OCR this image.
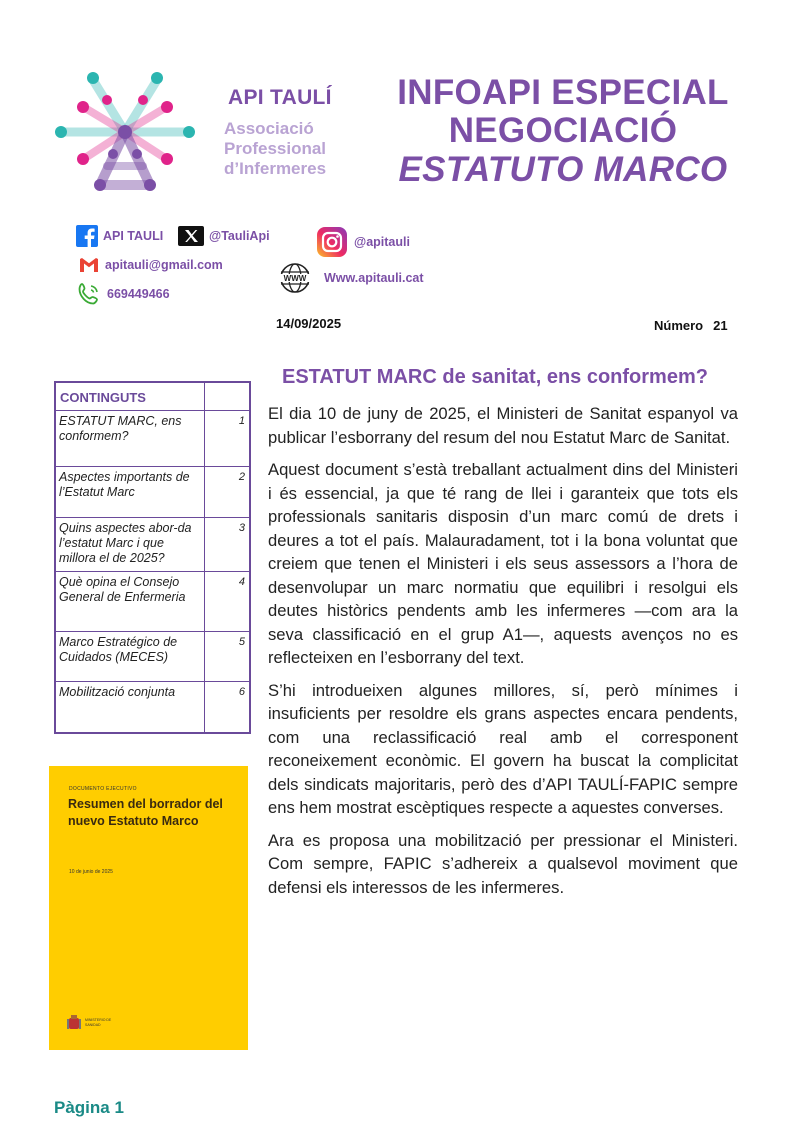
API TAULÍ
Associació
Professional
d’Infermeres
INFOAPI ESPECIAL
NEGOCIACIÓ
ESTATUTO MARCO
API TAULI	@TauliApi	@apitauli
apitauli@gmail.com
WWW Www.apitauli.cat
669449466
14/09/2025	Número 21
CONTINGUTS	
ESTATUT MARC, ens conformem?	1
Aspectes importants de l’Estatut Marc	2
Quins aspectes abor-da l’estatut Marc i que millora el de 2025?	3
Què opina el Consejo General de Enfermeria	4
Marco Estratégico de Cuidados (MECES)	5
Mobilització conjunta	6
DOCUMENTO EJECUTIVO
Resumen del borrador del nuevo Estatuto Marco
10 de junio de 2025
MINISTERIO DE SANIDAD
ESTATUT MARC de sanitat, ens conformem?

El dia 10 de juny de 2025, el Ministeri de Sanitat espanyol va publicar l’esborrany del resum del nou Estatut Marc de Sanitat.

Aquest document s’està treballant actualment dins del Ministeri i és essencial, ja que té rang de llei i garanteix que tots els professionals sanitaris disposin d’un marc comú de drets i deures a tot el país. Malauradament, tot i la bona voluntat que creiem que tenen el Ministeri i els seus assessors a l’hora de desenvolupar un marc normatiu que equilibri i resolgui els deutes històrics pendents amb les infermeres —com ara la seva classificació en el grup A1—, aquests avenços no es reflecteixen en l’esborrany del text.

S’hi introdueixen algunes millores, sí, però mínimes i insuficients per resoldre els grans aspectes encara pendents, com una reclassificació real amb el corresponent reconeixement econòmic. El govern ha buscat la complicitat dels sindicats majoritaris, però des d’API TAULÍ-FAPIC sempre ens hem mostrat escèptiques respecte a aquestes converses.

Ara es proposa una mobilització per pressionar el Ministeri. Com sempre, FAPIC s’adhereix a qualsevol moviment que defensi els interessos de les infermeres.

Pàgina 1
